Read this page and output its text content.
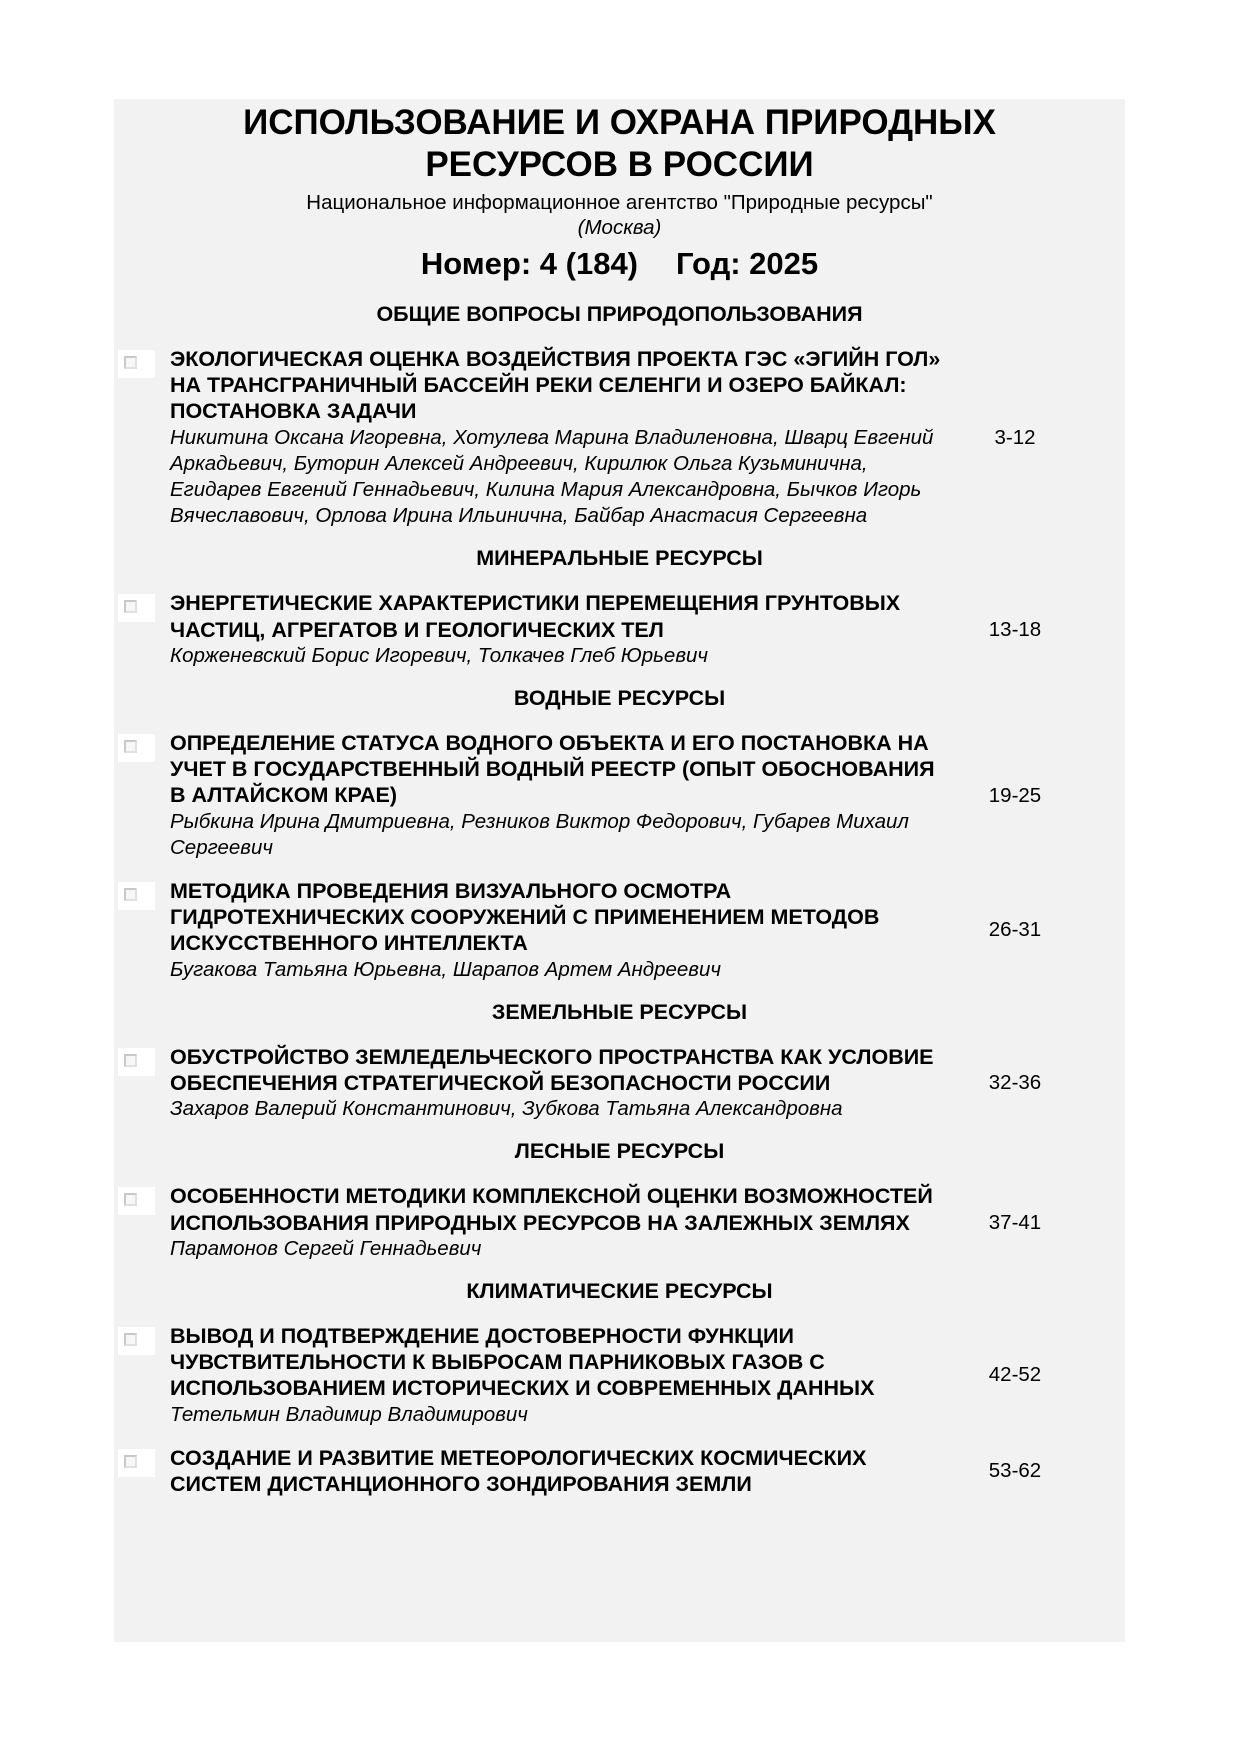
ИСПОЛЬЗОВАНИЕ И ОХРАНА ПРИРОДНЫХ
РЕСУРСОВ В РОССИИ
Национальное информационное агентство "Природные ресурсы"
(Москва)
Номер: 4 (184) Год: 2025
ОБЩИЕ ВОПРОСЫ ПРИРОДОПОЛЬЗОВАНИЯ
ЭКОЛОГИЧЕСКАЯ ОЦЕНКА ВОЗДЕЙСТВИЯ ПРОЕКТА ГЭС «ЭГИЙН ГОЛ» НА ТРАНСГРАНИЧНЫЙ БАССЕЙН РЕКИ СЕЛЕНГИ И ОЗЕРО БАЙКАЛ: ПОСТАНОВКА ЗАДАЧИ
Никитина Оксана Игоревна, Хотулева Марина Владиленовна, Шварц Евгений Аркадьевич, Буторин Алексей Андреевич, Кирилюк Ольга Кузьминична, Егидарев Евгений Геннадьевич, Килина Мария Александровна, Бычков Игорь Вячеславович, Орлова Ирина Ильинична, Байбар Анастасия Сергеевна
3-12
МИНЕРАЛЬНЫЕ РЕСУРСЫ
ЭНЕРГЕТИЧЕСКИЕ ХАРАКТЕРИСТИКИ ПЕРЕМЕЩЕНИЯ ГРУНТОВЫХ ЧАСТИЦ, АГРЕГАТОВ И ГЕОЛОГИЧЕСКИХ ТЕЛ
Корженевский Борис Игоревич, Толкачев Глеб Юрьевич
13-18
ВОДНЫЕ РЕСУРСЫ
ОПРЕДЕЛЕНИЕ СТАТУСА ВОДНОГО ОБЪЕКТА И ЕГО ПОСТАНОВКА НА УЧЕТ В ГОСУДАРСТВЕННЫЙ ВОДНЫЙ РЕЕСТР (ОПЫТ ОБОСНОВАНИЯ В АЛТАЙСКОМ КРАЕ)
Рыбкина Ирина Дмитриевна, Резников Виктор Федорович, Губарев Михаил Сергеевич
19-25
МЕТОДИКА ПРОВЕДЕНИЯ ВИЗУАЛЬНОГО ОСМОТРА ГИДРОТЕХНИЧЕСКИХ СООРУЖЕНИЙ С ПРИМЕНЕНИЕМ МЕТОДОВ ИСКУССТВЕННОГО ИНТЕЛЛЕКТА
Бугакова Татьяна Юрьевна, Шарапов Артем Андреевич
26-31
ЗЕМЕЛЬНЫЕ РЕСУРСЫ
ОБУСТРОЙСТВО ЗЕМЛЕДЕЛЬЧЕСКОГО ПРОСТРАНСТВА КАК УСЛОВИЕ ОБЕСПЕЧЕНИЯ СТРАТЕГИЧЕСКОЙ БЕЗОПАСНОСТИ РОССИИ
Захаров Валерий Константинович, Зубкова Татьяна Александровна
32-36
ЛЕСНЫЕ РЕСУРСЫ
ОСОБЕННОСТИ МЕТОДИКИ КОМПЛЕКСНОЙ ОЦЕНКИ ВОЗМОЖНОСТЕЙ ИСПОЛЬЗОВАНИЯ ПРИРОДНЫХ РЕСУРСОВ НА ЗАЛЕЖНЫХ ЗЕМЛЯХ
Парамонов Сергей Геннадьевич
37-41
КЛИМАТИЧЕСКИЕ РЕСУРСЫ
ВЫВОД И ПОДТВЕРЖДЕНИЕ ДОСТОВЕРНОСТИ ФУНКЦИИ ЧУВСТВИТЕЛЬНОСТИ К ВЫБРОСАМ ПАРНИКОВЫХ ГАЗОВ С ИСПОЛЬЗОВАНИЕМ ИСТОРИЧЕСКИХ И СОВРЕМЕННЫХ ДАННЫХ
Тетельмин Владимир Владимирович
42-52
СОЗДАНИЕ И РАЗВИТИЕ МЕТЕОРОЛОГИЧЕСКИХ КОСМИЧЕСКИХ СИСТЕМ ДИСТАНЦИОННОГО ЗОНДИРОВАНИЯ ЗЕМЛИ
53-62
